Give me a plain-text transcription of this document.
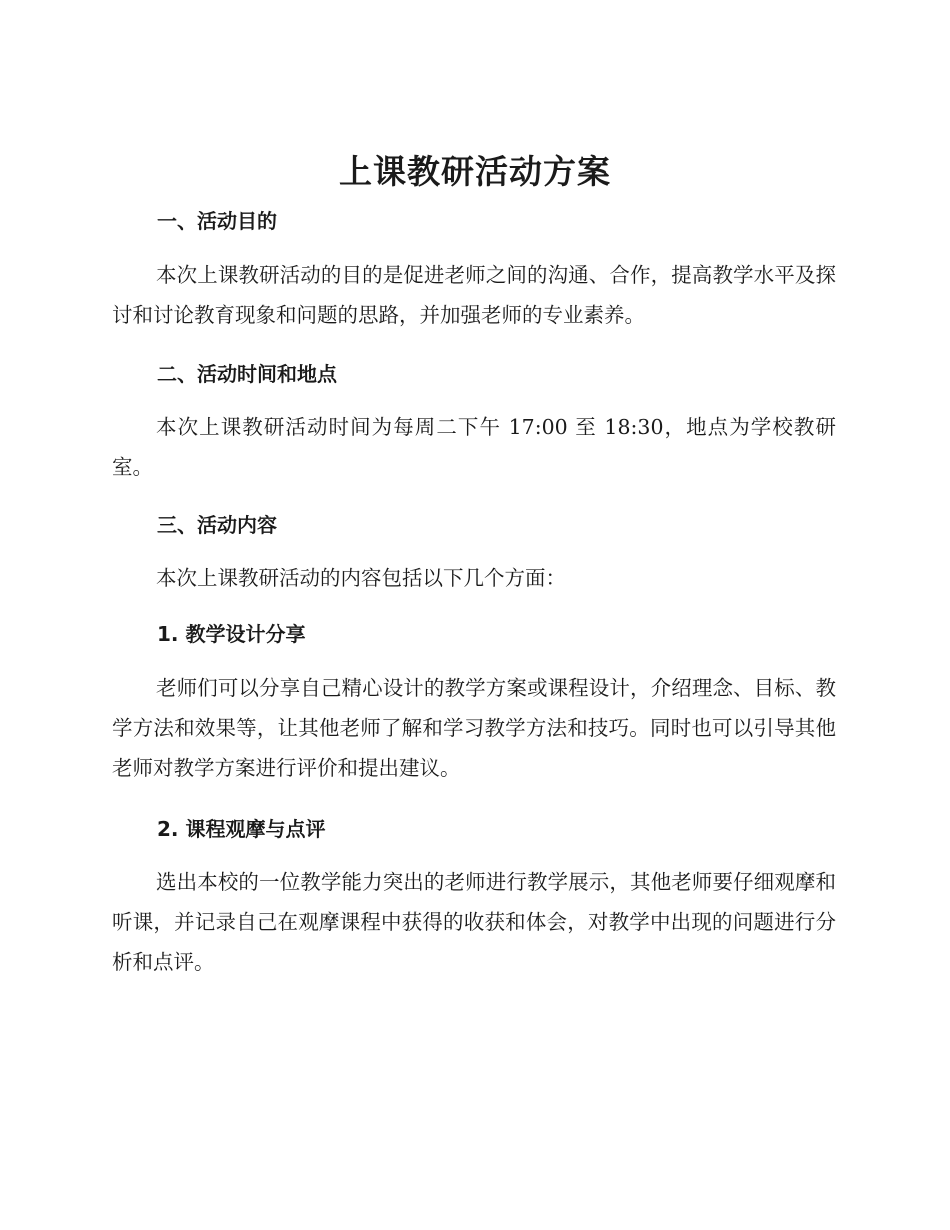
上课教研活动方案
一、活动目的

本次上课教研活动的目的是促进老师之间的沟通、合作，提高教学水平及探讨和讨论教育现象和问题的思路，并加强老师的专业素养。

二、活动时间和地点

本次上课教研活动时间为每周二下午 17:00 至 18:30，地点为学校教研室。

三、活动内容

本次上课教研活动的内容包括以下几个方面：

1. 教学设计分享

老师们可以分享自己精心设计的教学方案或课程设计，介绍理念、目标、教学方法和效果等，让其他老师了解和学习教学方法和技巧。同时也可以引导其他老师对教学方案进行评价和提出建议。

2. 课程观摩与点评

选出本校的一位教学能力突出的老师进行教学展示，其他老师要仔细观摩和听课，并记录自己在观摩课程中获得的收获和体会，对教学中出现的问题进行分析和点评。
